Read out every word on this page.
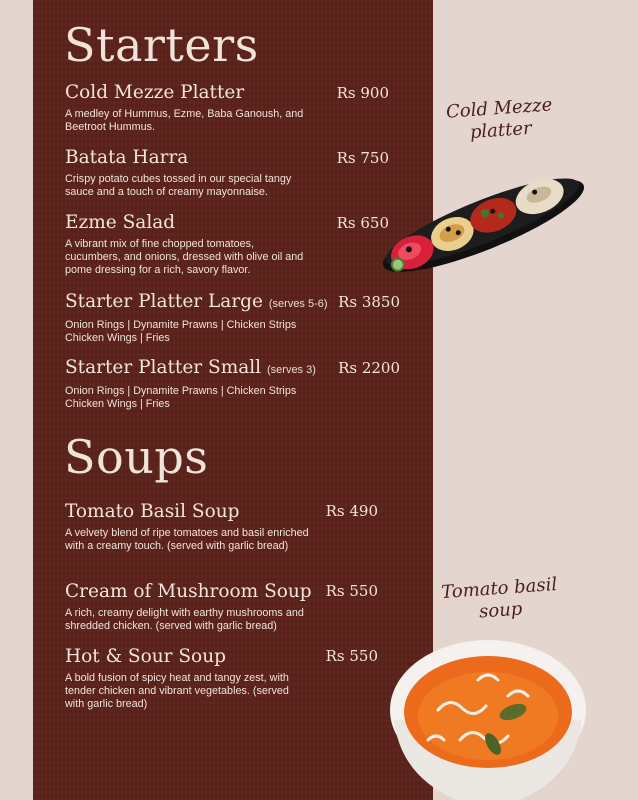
Starters
Cold Mezze Platter	Rs 900
A medley of Hummus, Ezme, Baba Ganoush, and Beetroot Hummus.
Batata Harra	Rs 750
Crispy potato cubes tossed in our special tangy sauce and a touch of creamy mayonnaise.
Ezme Salad	Rs 650
A vibrant mix of fine chopped tomatoes, cucumbers, and onions, dressed with olive oil and pome dressing for a rich, savory flavor.
Starter Platter Large (serves 5-6) Rs 3850
Onion Rings | Dynamite Prawns | Chicken Strips
Chicken Wings | Fries
Starter Platter Small (serves 3)	Rs 2200
Onion Rings | Dynamite Prawns | Chicken Strips
Chicken Wings | Fries
Soups
Tomato Basil Soup	Rs 490
A velvety blend of ripe tomatoes and basil enriched with a creamy touch. (served with garlic bread)
Cream of Mushroom Soup Rs 550
A rich, creamy delight with earthy mushrooms and shredded chicken. (served with garlic bread)
Hot & Sour Soup	Rs 550
A bold fusion of spicy heat and tangy zest, with tender chicken and vibrant vegetables. (served with garlic bread)
Cold Mezze
platter
Tomato basil
soup
